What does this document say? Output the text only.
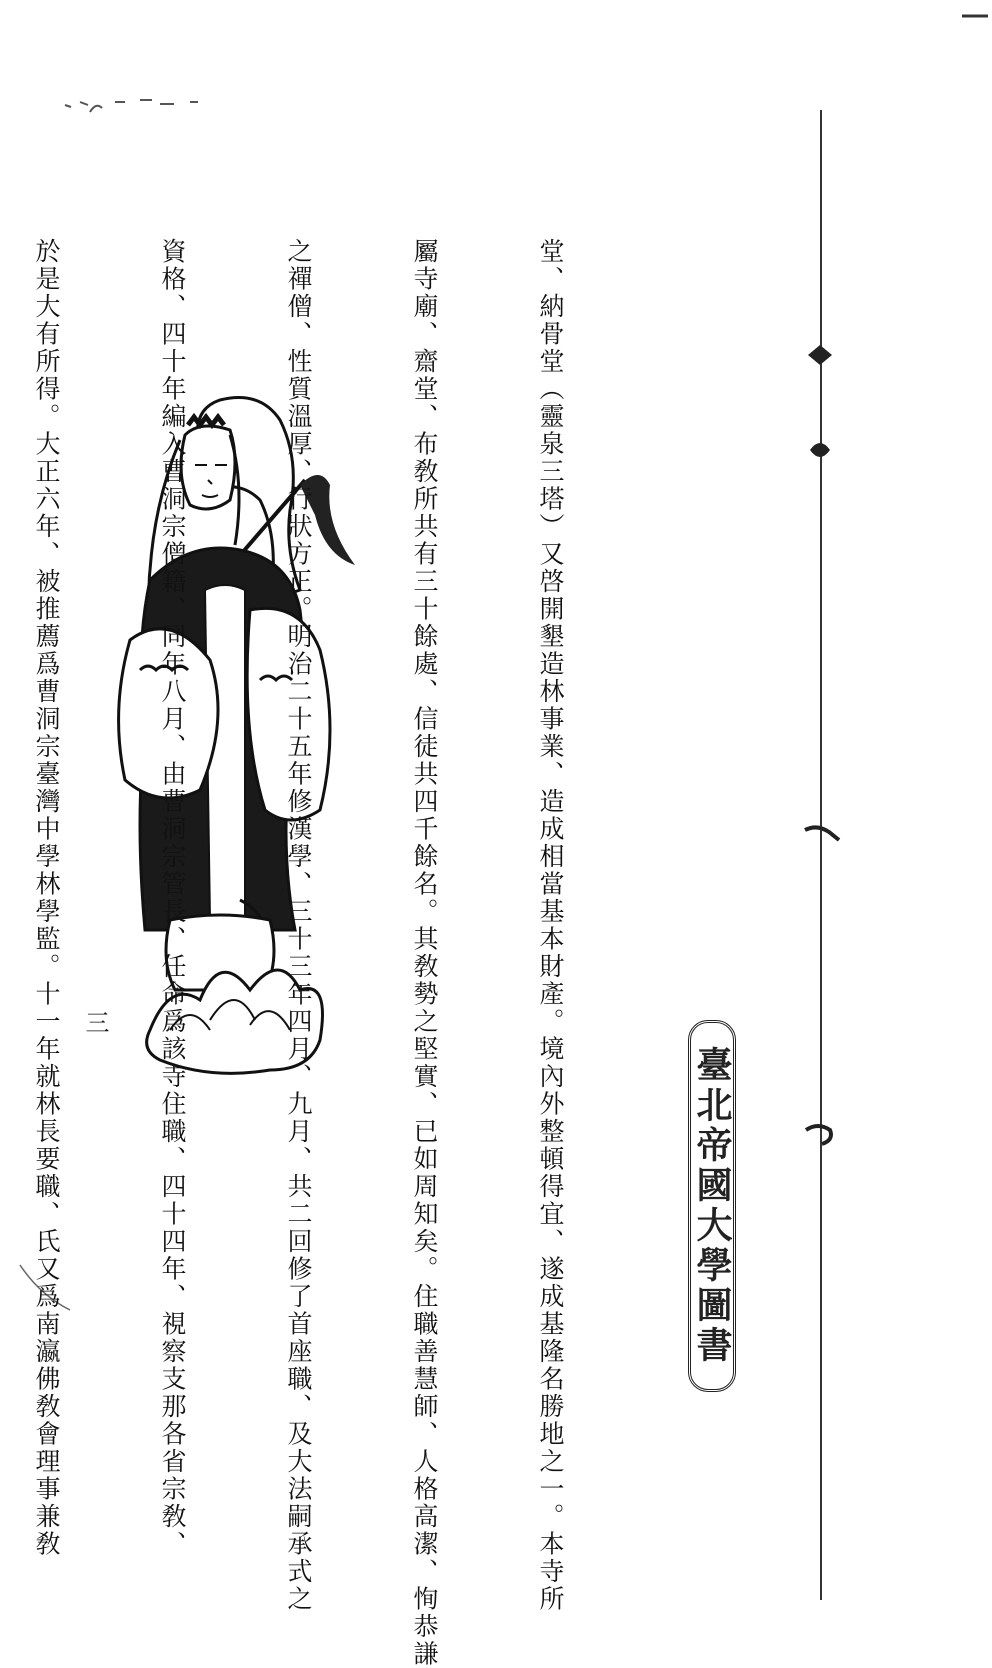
三

	堂、納骨堂（靈泉三塔）又啓開墾造林事業、造成相當基本財產。境內外整頓得宜、遂成基隆名勝地之一。本寺所

屬寺廟、齋堂、布敎所共有三十餘處、信徒共四千餘名。其敎勢之堅實、已如周知矣。住職善慧師、人格高潔、恂恭謙

之禪僧、性質溫厚、行狀方正。明治二十五年修漢學、三十三年四月、九月、共二回修了首座職、及大法嗣承式之

資格、四十年編入曹洞宗僧籍、同年八月、由曹洞宗管長、任命爲該寺住職、四十四年、視察支那各省宗敎、

於是大有所得。大正六年、被推薦爲曹洞宗臺灣中學林學監。十一年就林長要職、氏又爲南瀛佛敎會理事兼敎

	臺北帝國大學圖書
